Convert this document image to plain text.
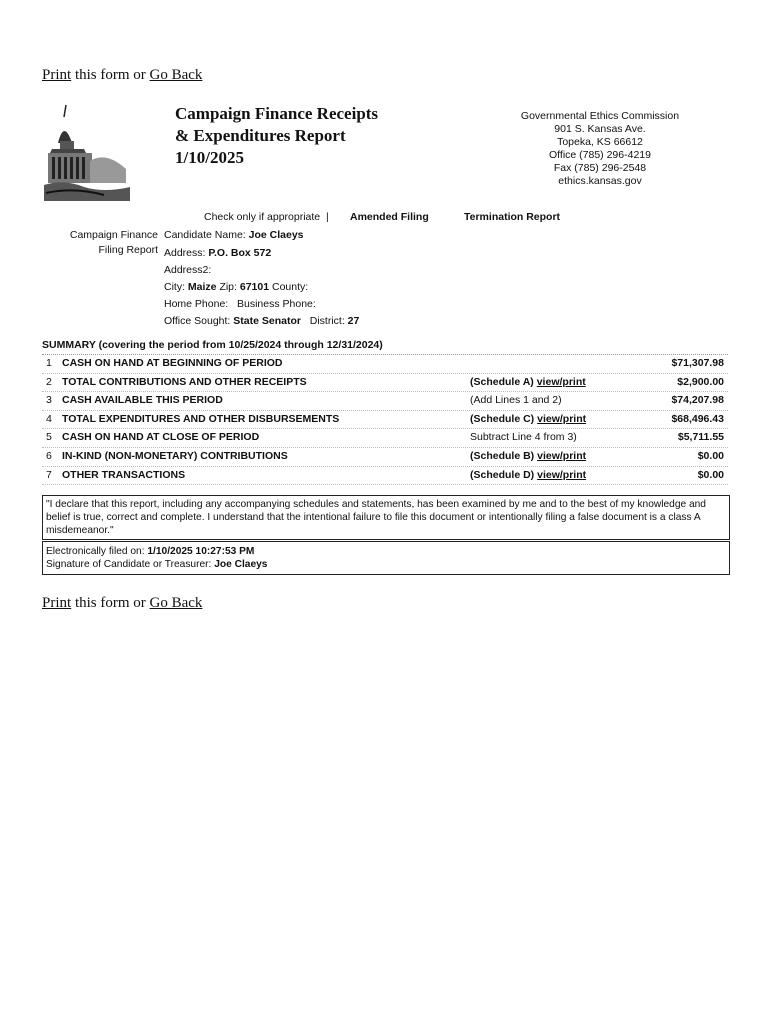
Print this form or Go Back
Campaign Finance Receipts
& Expenditures Report
1/10/2025
Governmental Ethics Commission
901 S. Kansas Ave.
Topeka, KS 66612
Office (785) 296-4219
Fax (785) 296-2548
ethics.kansas.gov
Check only if appropriate  | Amended Filing	Termination Report
Campaign Finance
Filing Report
Candidate Name: Joe Claeys
Address: P.O. Box 572
Address2:
City: Maize Zip: 67101 County:
Home Phone: Business Phone:
Office Sought: State Senator District: 27
SUMMARY (covering the period from 10/25/2024 through 12/31/2024)
1 CASH ON HAND AT BEGINNING OF PERIOD	$71,307.98
2 TOTAL CONTRIBUTIONS AND OTHER RECEIPTS	(Schedule A) view/print	$2,900.00
3 CASH AVAILABLE THIS PERIOD	(Add Lines 1 and 2)	$74,207.98
4 TOTAL EXPENDITURES AND OTHER DISBURSEMENTS	(Schedule C) view/print	$68,496.43
5 CASH ON HAND AT CLOSE OF PERIOD	Subtract Line 4 from 3)	$5,711.55
6 IN-KIND (NON-MONETARY) CONTRIBUTIONS	(Schedule B) view/print	$0.00
7 OTHER TRANSACTIONS	(Schedule D) view/print	$0.00
"I declare that this report, including any accompanying schedules and statements, has been examined by me and to the best of my knowledge and belief is true, correct and complete. I understand that the intentional failure to file this document or intentionally filing a false document is a class A misdemeanor."
Electronically filed on: 1/10/2025 10:27:53 PM
Signature of Candidate or Treasurer: Joe Claeys
Print this form or Go Back
